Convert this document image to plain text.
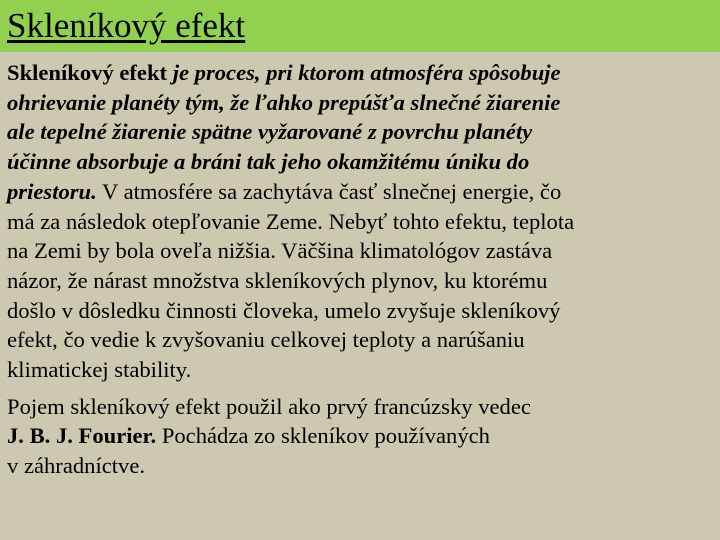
Skleníkový efekt

Skleníkový efekt je proces, pri ktorom atmosféra spôsobuje
ohrievanie planéty tým, že ľahko prepúšťa slnečné žiarenie
ale tepelné žiarenie spätne vyžarované z povrchu planéty
účinne absorbuje a bráni tak jeho okamžitému úniku do
priestoru. V atmosfére sa zachytáva časť slnečnej energie, čo
má za následok otepľovanie Zeme. Nebyť tohto efektu, teplota
na Zemi by bola oveľa nižšia. Väčšina klimatológov zastáva
názor, že nárast množstva skleníkových plynov, ku ktorému
došlo v dôsledku činnosti človeka, umelo zvyšuje skleníkový
efekt, čo vedie k zvyšovaniu celkovej teploty a narúšaniu
klimatickej stability.

Pojem skleníkový efekt použil ako prvý francúzsky vedec
J. B. J. Fourier. Pochádza zo skleníkov používaných
v záhradníctve.
